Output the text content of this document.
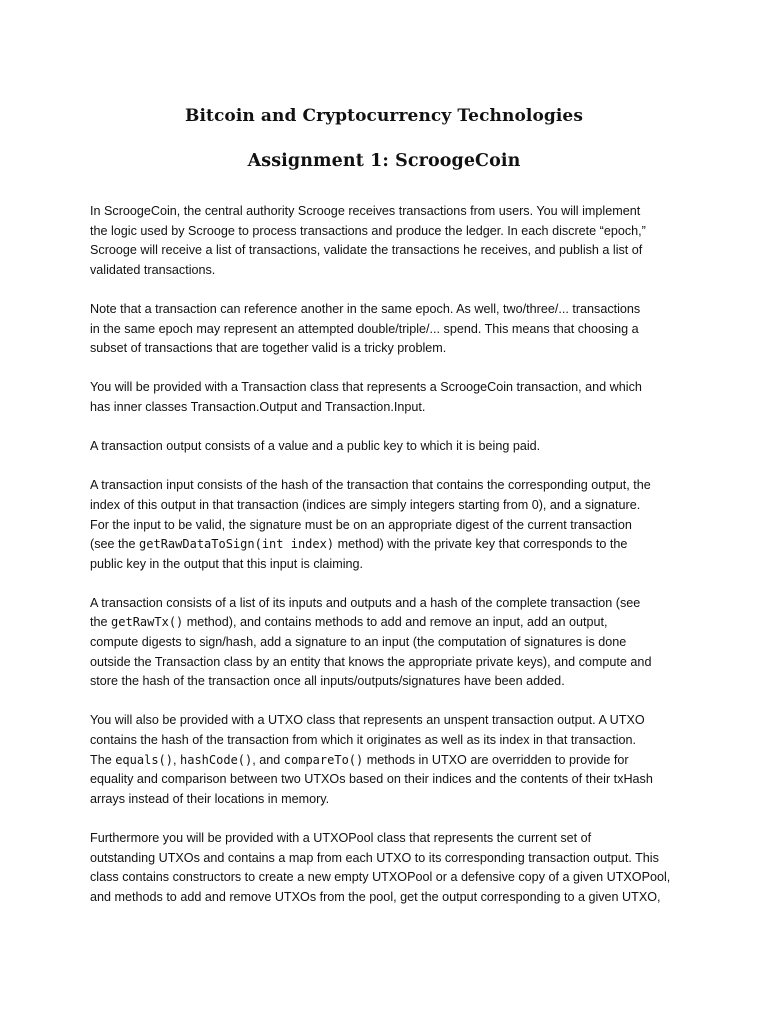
Bitcoin and Cryptocurrency Technologies
Assignment 1: ScroogeCoin

In ScroogeCoin, the central authority Scrooge receives transactions from users. You will implement
the logic used by Scrooge to process transactions and produce the ledger. In each discrete “epoch,”
Scrooge will receive a list of transactions, validate the transactions he receives, and publish a list of
validated transactions.

Note that a transaction can reference another in the same epoch. As well, two/three/... transactions
in the same epoch may represent an attempted double/triple/... spend. This means that choosing a
subset of transactions that are together valid is a tricky problem.

You will be provided with a Transaction class that represents a ScroogeCoin transaction, and which
has inner classes Transaction.Output and Transaction.Input.

A transaction output consists of a value and a public key to which it is being paid.

A transaction input consists of the hash of the transaction that contains the corresponding output, the
index of this output in that transaction (indices are simply integers starting from 0), and a signature.
For the input to be valid, the signature must be on an appropriate digest of the current transaction
(see the getRawDataToSign(int index) method) with the private key that corresponds to the
public key in the output that this input is claiming.

A transaction consists of a list of its inputs and outputs and a hash of the complete transaction (see
the getRawTx() method), and contains methods to add and remove an input, add an output,
compute digests to sign/hash, add a signature to an input (the computation of signatures is done
outside the Transaction class by an entity that knows the appropriate private keys), and compute and
store the hash of the transaction once all inputs/outputs/signatures have been added.

You will also be provided with a UTXO class that represents an unspent transaction output. A UTXO
contains the hash of the transaction from which it originates as well as its index in that transaction.
The equals(), hashCode(), and compareTo() methods in UTXO are overridden to provide for
equality and comparison between two UTXOs based on their indices and the contents of their txHash
arrays instead of their locations in memory.

Furthermore you will be provided with a UTXOPool class that represents the current set of
outstanding UTXOs and contains a map from each UTXO to its corresponding transaction output. This
class contains constructors to create a new empty UTXOPool or a defensive copy of a given UTXOPool,
and methods to add and remove UTXOs from the pool, get the output corresponding to a given UTXO,
